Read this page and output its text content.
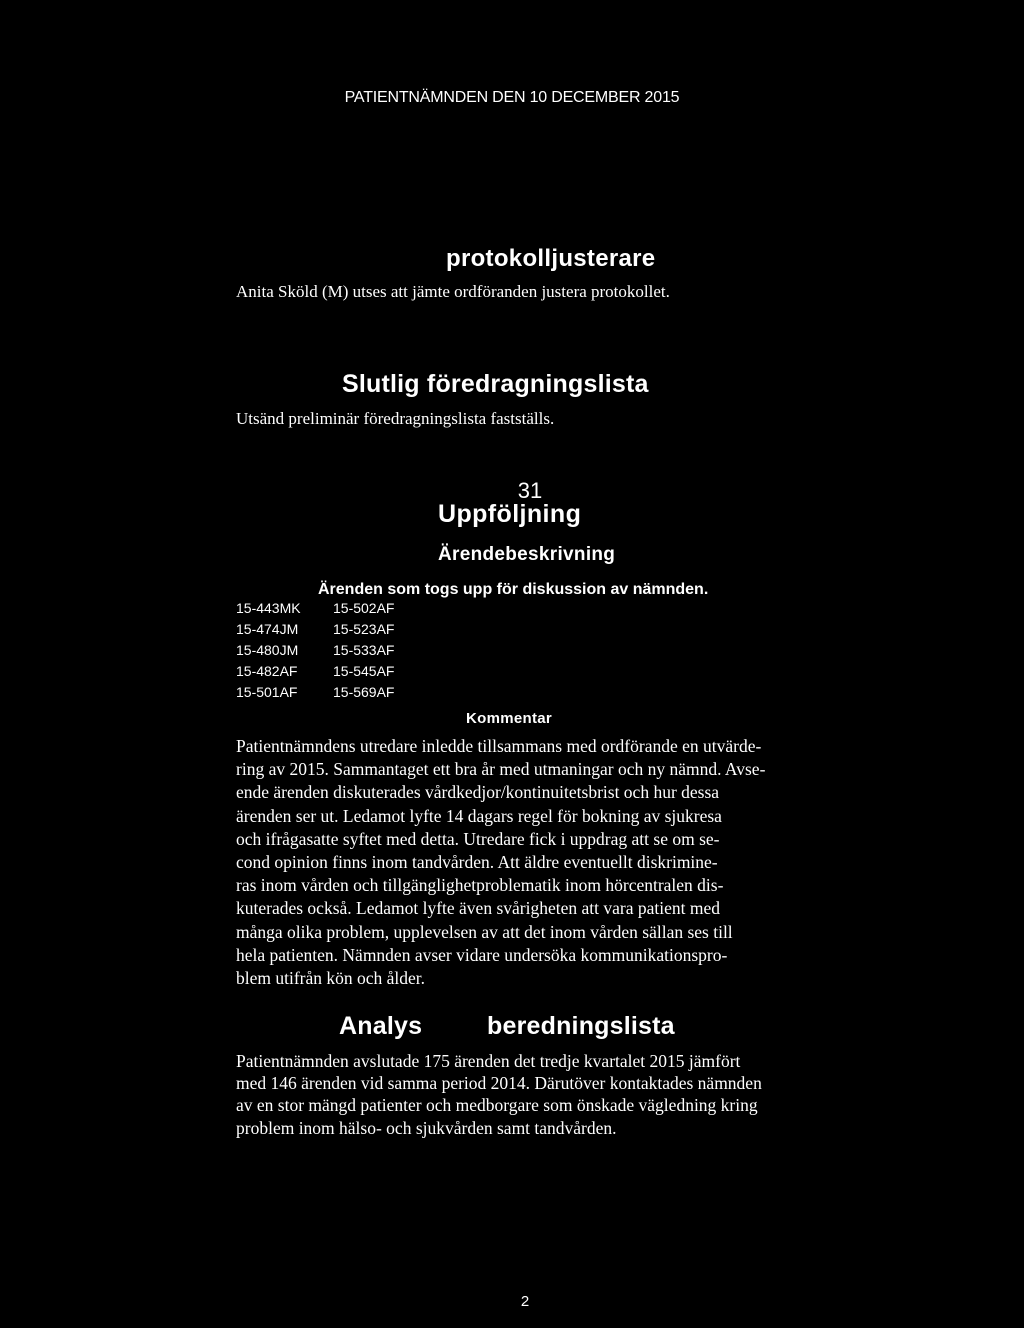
PATIENTNÄMNDEN DEN 10 DECEMBER 2015
protokolljusterare
Anita Sköld (M) utses att jämte ordföranden justera protokollet.
Slutlig föredragningslista
Utsänd preliminär föredragningslista fastställs.
31
Uppföljning
Ärendebeskrivning
Ärenden som togs upp för diskussion av nämnden.
15-443MK
15-474JM
15-480JM
15-482AF
15-501AF
15-502AF
15-523AF
15-533AF
15-545AF
15-569AF
Kommentar
Patientnämndens utredare inledde tillsammans med ordförande en utvärde-
ring av 2015. Sammantaget ett bra år med utmaningar och ny nämnd. Avse-
ende ärenden diskuterades vårdkedjor/kontinuitetsbrist och hur dessa
ärenden ser ut. Ledamot lyfte 14 dagars regel för bokning av sjukresa
och ifrågasatte syftet med detta. Utredare fick i uppdrag att se om se-
cond opinion finns inom tandvården. Att äldre eventuellt diskrimine-
ras inom vården och tillgänglighetproblematik inom hörcentralen dis-
kuterades också. Ledamot lyfte även svårigheten att vara patient med
många olika problem, upplevelsen av att det inom vården sällan ses till
hela patienten. Nämnden avser vidare undersöka kommunikationspro-
blem utifrån kön och ålder.
Analys	beredningslista
Patientnämnden avslutade 175 ärenden det tredje kvartalet 2015 jämfört
med 146 ärenden vid samma period 2014. Därutöver kontaktades nämnden
av en stor mängd patienter och medborgare som önskade vägledning kring
problem inom hälso- och sjukvården samt tandvården.
2
